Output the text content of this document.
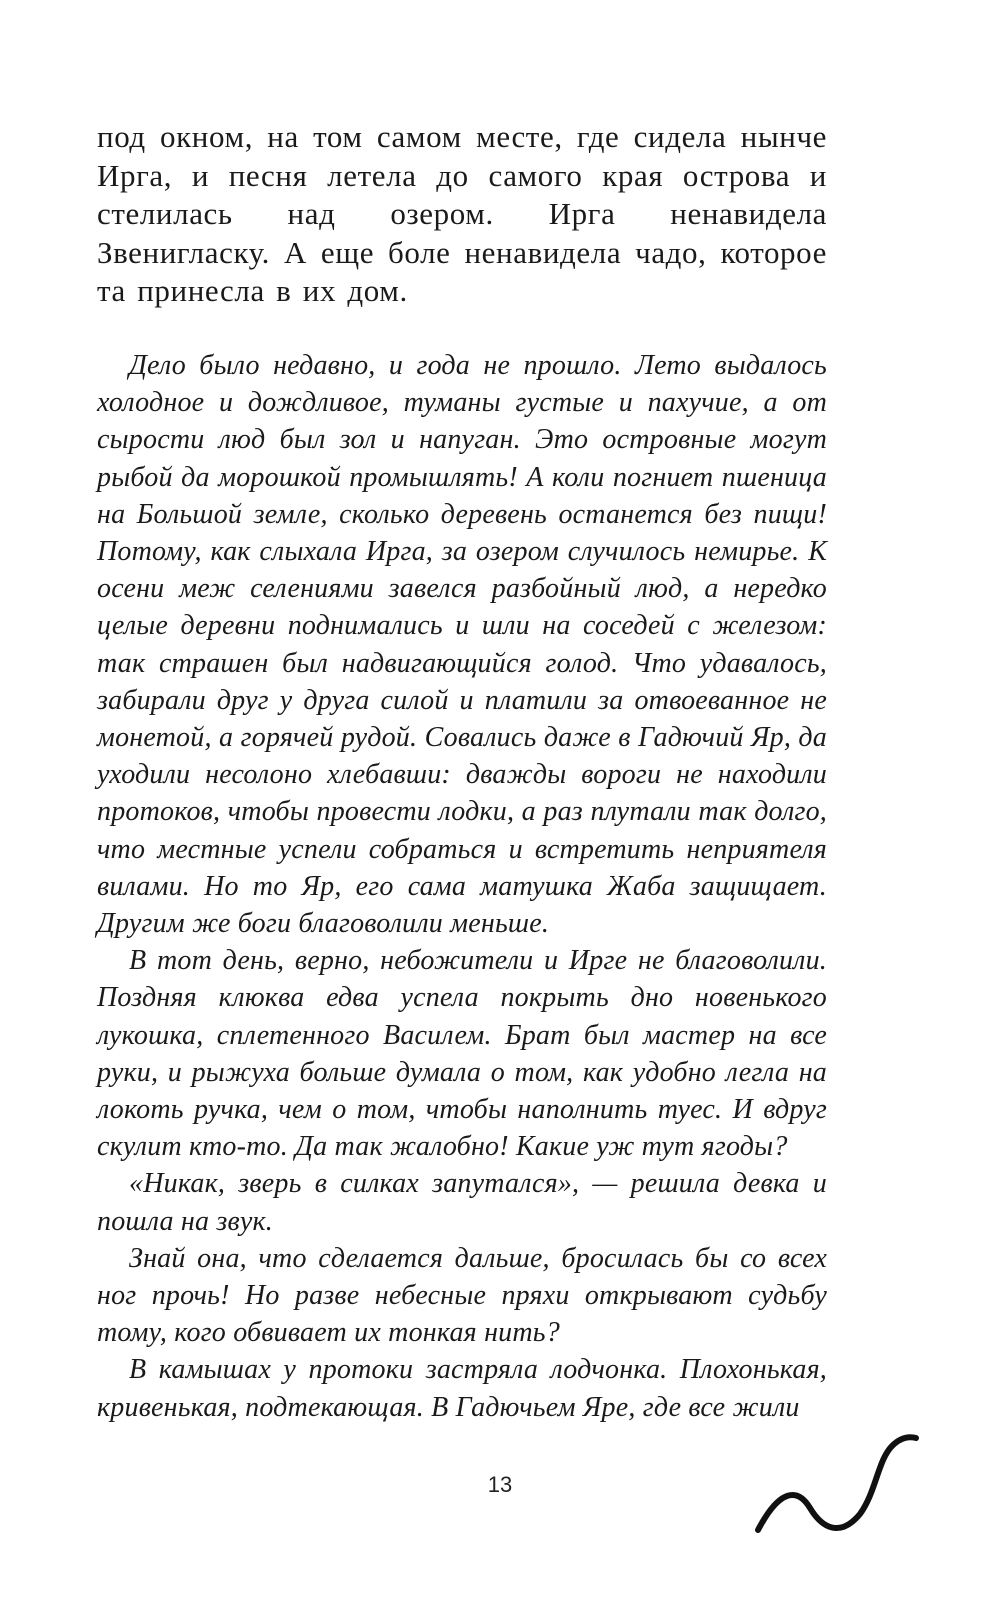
под окном, на том самом месте, где сидела нынче Ирга, и песня летела до самого края острова и стелилась над озером. Ирга ненавидела Звениглаcку. А еще боле ненавидела чадо, которое та принесла в их дом.

Дело было недавно, и года не прошло. Лето выдалось холодное и дождливое, туманы густые и пахучие, а от сырости люд был зол и напуган. Это островные могут рыбой да морошкой промышлять! А коли погниет пшеница на Большой земле, сколько деревень останется без пищи! Потому, как слыхала Ирга, за озером случилось немирье. К осени меж селениями завелся разбойный люд, а нередко целые деревни поднимались и шли на соседей с железом: так страшен был надвигающийся голод. Что удавалось, забирали друг у друга силой и платили за отвоеванное не монетой, а горячей рудой. Совались даже в Гадючий Яр, да уходили несолоно хлебавши: дважды вороги не находили протоков, чтобы провести лодки, а раз плутали так долго, что местные успели собраться и встретить неприятеля вилами. Но то Яр, его сама матушка Жаба защищает. Другим же боги благоволили меньше.

В тот день, верно, небожители и Ирге не благоволили. Поздняя клюква едва успела покрыть дно новенького лукошка, сплетенного Василем. Брат был мастер на все руки, и рыжуха больше думала о том, как удобно легла на локоть ручка, чем о том, чтобы наполнить туес. И вдруг скулит кто-то. Да так жалобно! Какие уж тут ягоды?

«Никак, зверь в силках запутался», — решила девка и пошла на звук.

Знай она, что сделается дальше, бросилась бы со всех ног прочь! Но разве небесные пряхи открывают судьбу тому, кого обвивает их тонкая нить?

В камышах у протоки застряла лодчонка. Плохонькая, кривенькая, подтекающая. В Гадючьем Яре, где все жили

13
